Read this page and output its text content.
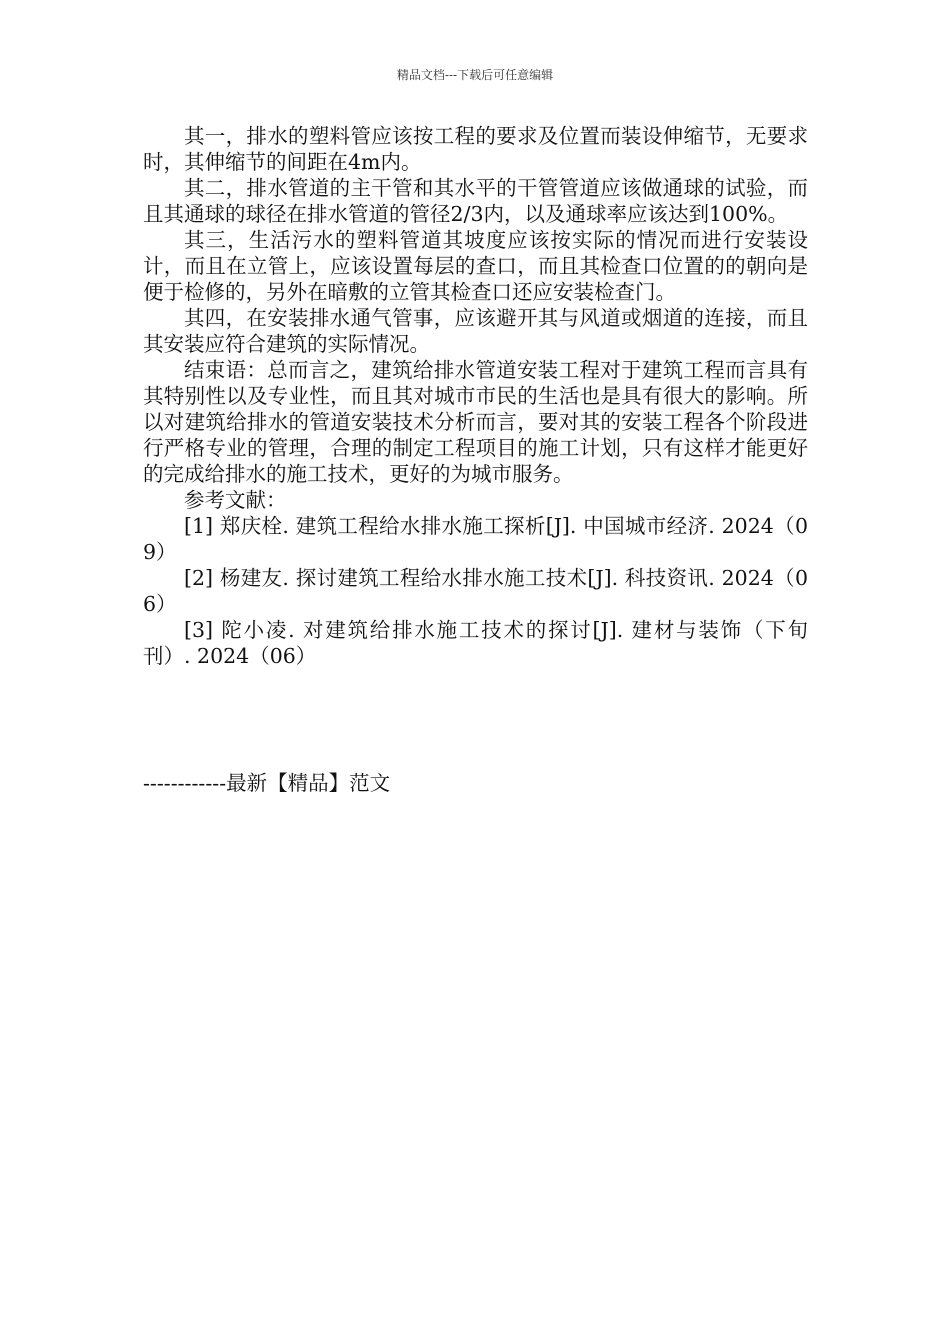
精品文档---下载后可任意编辑

其一，排水的塑料管应该按工程的要求及位置而装设伸缩节，无要求时，其伸缩节的间距在4m内。

其二，排水管道的主干管和其水平的干管管道应该做通球的试验，而且其通球的球径在排水管道的管径2/3内，以及通球率应该达到100%。

其三，生活污水的塑料管道其坡度应该按实际的情况而进行安装设计，而且在立管上，应该设置每层的查口，而且其检查口位置的的朝向是便于检修的，另外在暗敷的立管其检查口还应安装检查门。

其四，在安装排水通气管事，应该避开其与风道或烟道的连接，而且其安装应符合建筑的实际情况。

结束语：总而言之，建筑给排水管道安装工程对于建筑工程而言具有其特别性以及专业性，而且其对城市市民的生活也是具有很大的影响。所以对建筑给排水的管道安装技术分析而言，要对其的安装工程各个阶段进行严格专业的管理，合理的制定工程项目的施工计划，只有这样才能更好的完成给排水的施工技术，更好的为城市服务。

参考文献：

[1] 郑庆栓. 建筑工程给水排水施工探析[J]. 中国城市经济. 2024（09）

[2] 杨建友. 探讨建筑工程给水排水施工技术[J]. 科技资讯. 2024（06）

[3] 陀小凌. 对建筑给排水施工技术的探讨[J]. 建材与装饰（下旬刊）. 2024（06）

------------最新【精品】范文
